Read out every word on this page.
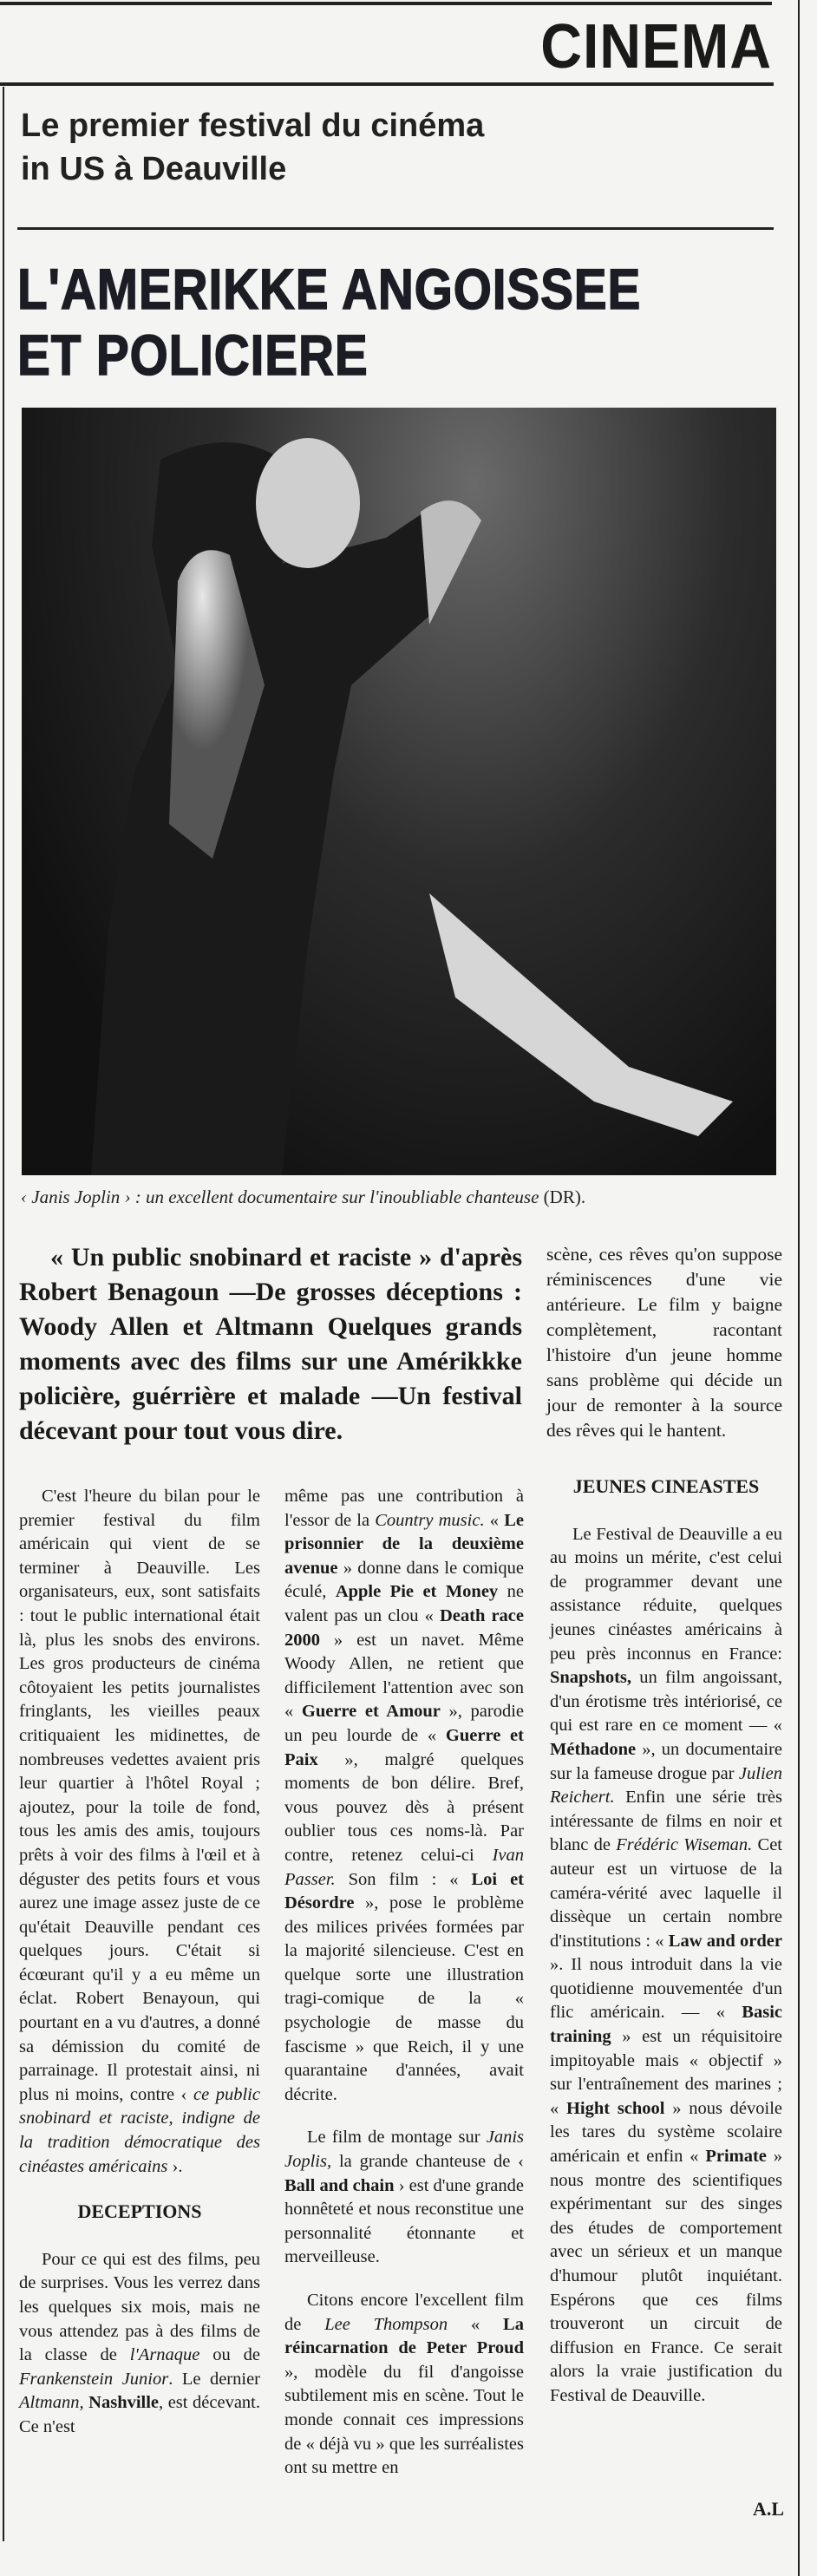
CINEMA
Le premier festival du cinéma
in US à Deauville
L'AMERIKKE ANGOISSEE
ET POLICIERE
‹ Janis Joplin › : un excellent documentaire sur l'inoubliable chanteuse (DR).
« Un public snobinard et raciste » d'après Robert Benagoun —De grosses déceptions : Woody Allen et Altmann Quelques grands moments avec des films sur une Amérikkke policière, guérrière et malade —Un festival décevant pour tout vous dire.
scène, ces rêves qu'on suppose réminiscences d'une vie antérieure. Le film y baigne complètement, racontant l'histoire d'un jeune homme sans problème qui décide un jour de remonter à la source des rêves qui le hantent.

C'est l'heure du bilan pour le premier festival du film américain qui vient de se terminer à Deauville. Les organisateurs, eux, sont satisfaits : tout le public international était là, plus les snobs des environs. Les gros producteurs de cinéma côtoyaient les petits journalistes fringlants, les vieilles peaux critiquaient les midinettes, de nombreuses vedettes avaient pris leur quartier à l'hôtel Royal ; ajoutez, pour la toile de fond, tous les amis des amis, toujours prêts à voir des films à l'œil et à déguster des petits fours et vous aurez une image assez juste de ce qu'était Deauville pendant ces quelques jours. C'était si écœurant qu'il y a eu même un éclat. Robert Benayoun, qui pourtant en a vu d'autres, a donné sa démission du comité de parrainage. Il protestait ainsi, ni plus ni moins, contre ‹ ce public snobinard et raciste, indigne de la tradition démocratique des cinéastes américains ›.

DECEPTIONS

Pour ce qui est des films, peu de surprises. Vous les verrez dans les quelques six mois, mais ne vous attendez pas à des films de la classe de l'Arnaque ou de Frankenstein Junior. Le dernier Altmann, Nashville, est décevant. Ce n'est

même pas une contribution à l'essor de la Country music. « Le prisonnier de la deuxième avenue » donne dans le comique éculé, Apple Pie et Money ne valent pas un clou « Death race 2000 » est un navet. Même Woody Allen, ne retient que difficilement l'attention avec son « Guerre et Amour », parodie un peu lourde de « Guerre et Paix », malgré quelques moments de bon délire. Bref, vous pouvez dès à présent oublier tous ces noms-là. Par contre, retenez celui-ci Ivan Passer. Son film : « Loi et Désordre », pose le problème des milices privées formées par la majorité silencieuse. C'est en quelque sorte une illustration tragi-comique de la « psychologie de masse du fascisme » que Reich, il y une quarantaine d'années, avait décrite.

Le film de montage sur Janis Joplis, la grande chanteuse de ‹ Ball and chain › est d'une grande honnêteté et nous reconstitue une personnalité étonnante et merveilleuse.

Citons encore l'excellent film de Lee Thompson « La réincarnation de Peter Proud », modèle du fil d'angoisse subtilement mis en scène. Tout le monde connait ces impressions de « déjà vu » que les surréalistes ont su mettre en

JEUNES CINEASTES

Le Festival de Deauville a eu au moins un mérite, c'est celui de programmer devant une assistance réduite, quelques jeunes cinéastes américains à peu près inconnus en France: Snapshots, un film angoissant, d'un érotisme très intériorisé, ce qui est rare en ce moment — « Méthadone », un documentaire sur la fameuse drogue par Julien Reichert. Enfin une série très intéressante de films en noir et blanc de Frédéric Wiseman. Cet auteur est un virtuose de la caméra-vérité avec laquelle il dissèque un certain nombre d'institutions : « Law and order ». Il nous introduit dans la vie quotidienne mouvementée d'un flic américain. — « Basic training » est un réquisitoire impitoyable mais « objectif » sur l'entraînement des marines ; « Hight school » nous dévoile les tares du système scolaire américain et enfin « Primate » nous montre des scientifiques expérimentant sur des singes des études de comportement avec un sérieux et un manque d'humour plutôt inquiétant. Espérons que ces films trouveront un circuit de diffusion en France. Ce serait alors la vraie justification du Festival de Deauville.

A.L
